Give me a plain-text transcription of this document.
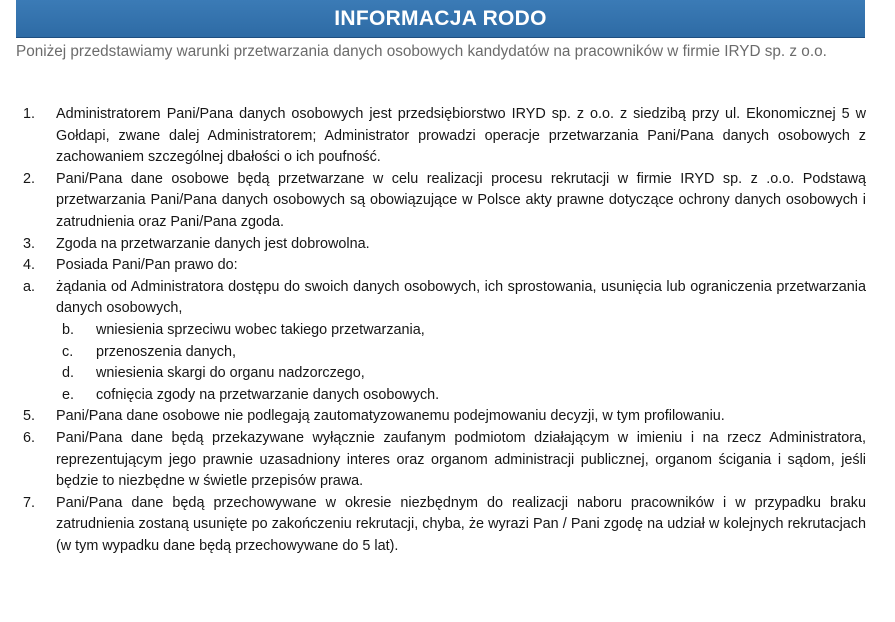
INFORMACJA RODO
Poniżej przedstawiamy warunki przetwarzania danych osobowych kandydatów na pracowników w firmie IRYD sp. z o.o.
1. Administratorem Pani/Pana danych osobowych jest przedsiębiorstwo IRYD sp. z o.o. z siedzibą przy ul. Ekonomicznej 5 w Gołdapi, zwane dalej Administratorem; Administrator prowadzi operacje przetwarzania Pani/Pana danych osobowych z zachowaniem szczególnej dbałości o ich poufność.
2. Pani/Pana dane osobowe będą przetwarzane w celu realizacji procesu rekrutacji w firmie IRYD sp. z .o.o. Podstawą przetwarzania Pani/Pana danych osobowych są obowiązujące w Polsce akty prawne dotyczące ochrony danych osobowych i zatrudnienia oraz Pani/Pana zgoda.
3. Zgoda na przetwarzanie danych jest dobrowolna.
4. Posiada Pani/Pan prawo do:
a. żądania od Administratora dostępu do swoich danych osobowych, ich sprostowania, usunięcia lub ograniczenia przetwarzania danych osobowych,
b. wniesienia sprzeciwu wobec takiego przetwarzania,
c. przenoszenia danych,
d. wniesienia skargi do organu nadzorczego,
e. cofnięcia zgody na przetwarzanie danych osobowych.
5. Pani/Pana dane osobowe nie podlegają zautomatyzowanemu podejmowaniu decyzji, w tym profilowaniu.
6. Pani/Pana dane będą przekazywane wyłącznie zaufanym podmiotom działającym w imieniu i na rzecz Administratora, reprezentującym jego prawnie uzasadniony interes oraz organom administracji publicznej, organom ścigania i sądom, jeśli będzie to niezbędne w świetle przepisów prawa.
7. Pani/Pana dane będą przechowywane w okresie niezbędnym do realizacji naboru pracowników i w przypadku braku zatrudnienia zostaną usunięte po zakończeniu rekrutacji, chyba, że wyrazi Pan / Pani zgodę na udział w kolejnych rekrutacjach (w tym wypadku dane będą przechowywane do 5 lat).
